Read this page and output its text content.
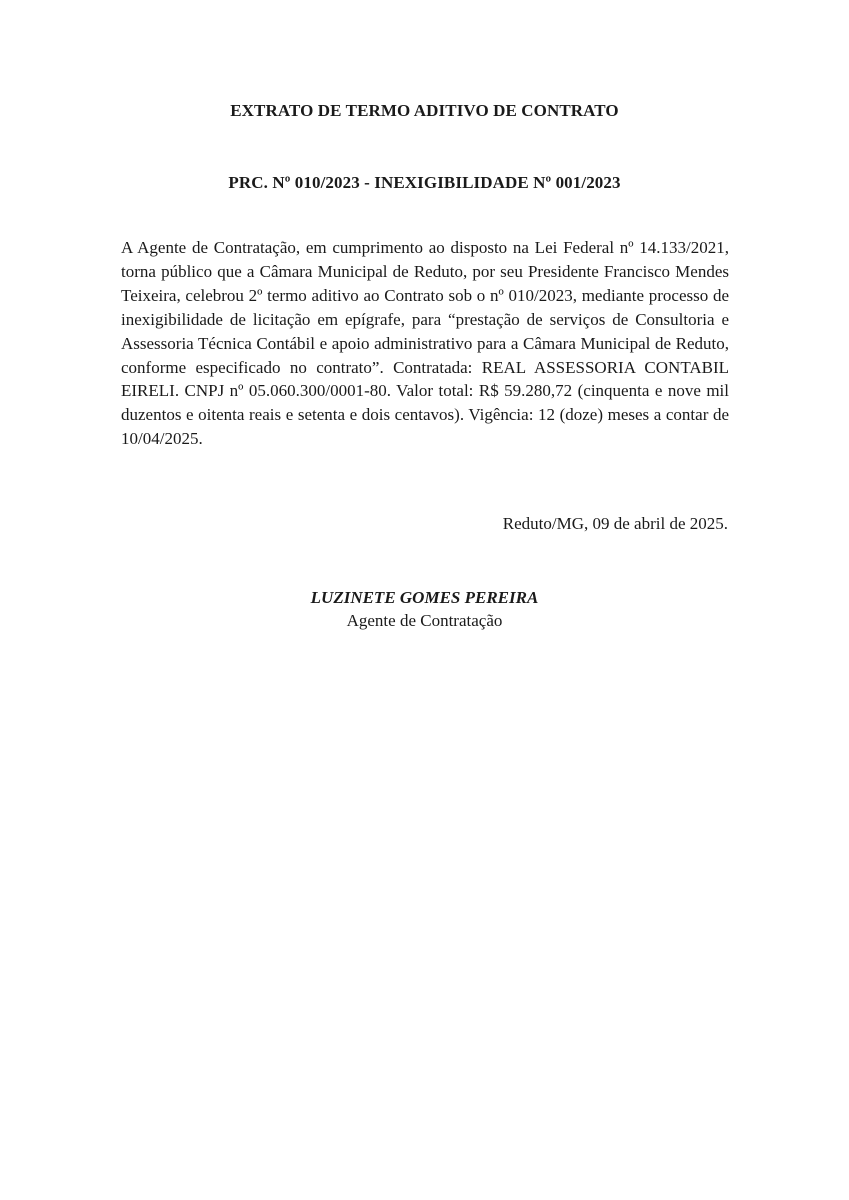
EXTRATO DE TERMO ADITIVO DE CONTRATO
PRC. Nº 010/2023 - INEXIGIBILIDADE Nº 001/2023

A Agente de Contratação, em cumprimento ao disposto na Lei Federal nº 14.133/2021, torna público que a Câmara Municipal de Reduto, por seu Presidente Francisco Mendes Teixeira, celebrou 2º termo aditivo ao Contrato sob o nº 010/2023, mediante processo de inexigibilidade de licitação em epígrafe, para “prestação de serviços de Consultoria e Assessoria Técnica Contábil e apoio administrativo para a Câmara Municipal de Reduto, conforme especificado no contrato”. Contratada: REAL ASSESSORIA CONTABIL EIRELI. CNPJ nº 05.060.300/0001-80. Valor total: R$ 59.280,72 (cinquenta e nove mil duzentos e oitenta reais e setenta e dois centavos). Vigência: 12 (doze) meses a contar de 10/04/2025.

Reduto/MG, 09 de abril de 2025.

LUZINETE GOMES PEREIRA
Agente de Contratação
